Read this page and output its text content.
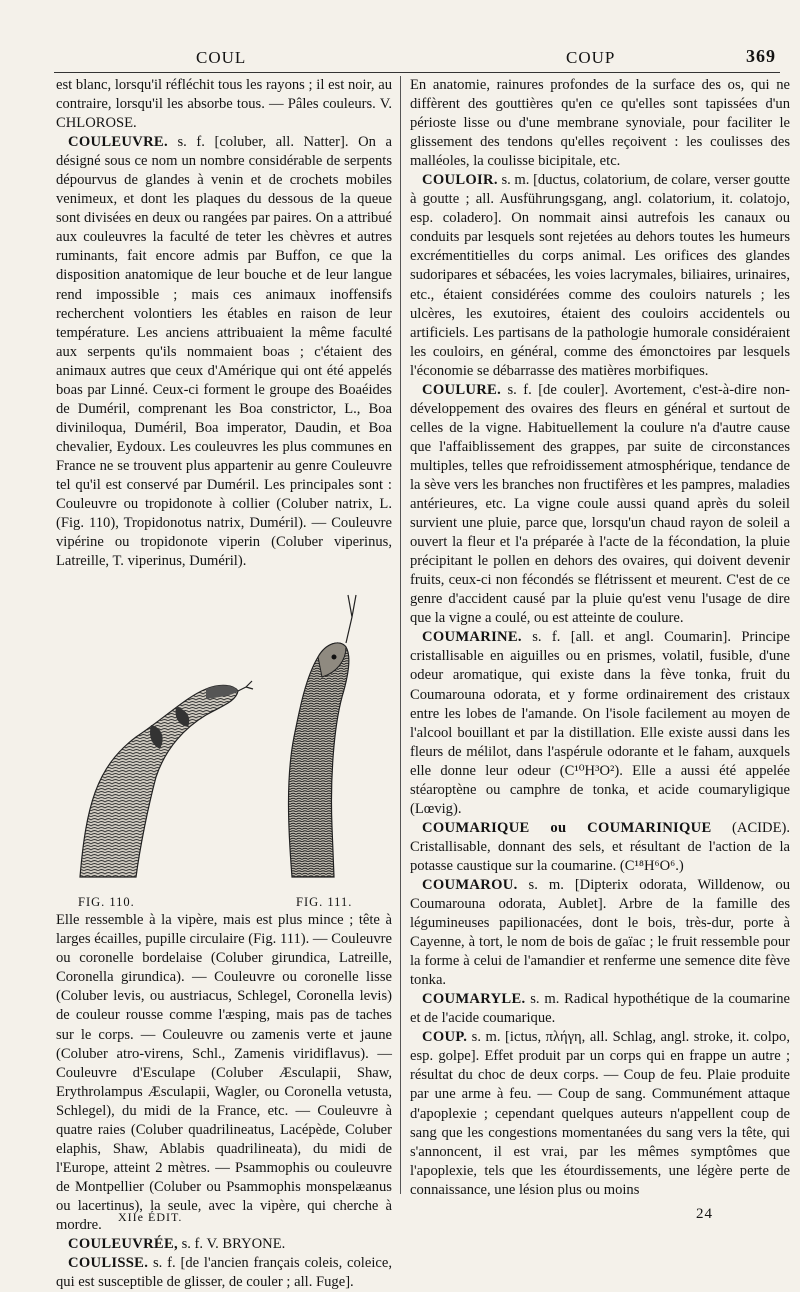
COUL	COUP	369

est blanc, lorsqu'il réfléchit tous les rayons ; il est noir, au contraire, lorsqu'il les absorbe tous. — Pâles couleurs. V. CHLOROSE.

COULEUVRE. s. f. [coluber, all. Natter]. On a désigné sous ce nom un nombre considérable de serpents dépourvus de glandes à venin et de crochets mobiles venimeux, et dont les plaques du dessous de la queue sont divisées en deux ou rangées par paires. On a attribué aux couleuvres la faculté de teter les chèvres et autres ruminants, fait encore admis par Buffon, ce que la disposition anatomique de leur bouche et de leur langue rend impossible ; mais ces animaux inoffensifs recherchent volontiers les étables en raison de leur température. Les anciens attribuaient la même faculté aux serpents qu'ils nommaient boas ; c'étaient des animaux autres que ceux d'Amérique qui ont été appelés boas par Linné. Ceux-ci forment le groupe des Boaéides de Duméril, comprenant les Boa constrictor, L., Boa diviniloqua, Duméril, Boa imperator, Daudin, et Boa chevalier, Eydoux. Les couleuvres les plus communes en France ne se trouvent plus appartenir au genre Couleuvre tel qu'il est conservé par Duméril. Les principales sont : Couleuvre ou tropidonote à collier (Coluber natrix, L. (Fig. 110), Tropidonotus natrix, Duméril). — Couleuvre vipérine ou tropidonote viperin (Coluber viperinus, Latreille, T. viperinus, Duméril).

FIG. 110.	FIG. 111.

Elle ressemble à la vipère, mais est plus mince ; tête à larges écailles, pupille circulaire (Fig. 111). — Couleuvre ou coronelle bordelaise (Coluber girundica, Latreille, Coronella girundica). — Couleuvre ou coronelle lisse (Coluber levis, ou austriacus, Schlegel, Coronella levis) de couleur rousse comme l'æsping, mais pas de taches sur le corps. — Couleuvre ou zamenis verte et jaune (Coluber atro-virens, Schl., Zamenis viridiflavus). — Couleuvre d'Esculape (Coluber Æsculapii, Shaw, Erythrolampus Æsculapii, Wagler, ou Coronella vetusta, Schlegel), du midi de la France, etc. — Couleuvre à quatre raies (Coluber quadrilineatus, Lacépède, Coluber elaphis, Shaw, Ablabis quadrilineata), du midi de l'Europe, atteint 2 mètres. — Psammophis ou couleuvre de Montpellier (Coluber ou Psammophis monspelæanus ou lacertinus), la seule, avec la vipère, qui cherche à mordre.

COULEUVRÉE, s. f. V. BRYONE.

COULISSE. s. f. [de l'ancien français coleis, coleice, qui est susceptible de glisser, de couler ; all. Fuge].

En anatomie, rainures profondes de la surface des os, qui ne diffèrent des gouttières qu'en ce qu'elles sont tapissées d'un périoste lisse ou d'une membrane synoviale, pour faciliter le glissement des tendons qu'elles reçoivent : les coulisses des malléoles, la coulisse bicipitale, etc.

COULOIR. s. m. [ductus, colatorium, de colare, verser goutte à goutte ; all. Ausführungsgang, angl. colatorium, it. colatojo, esp. coladero]. On nommait ainsi autrefois les canaux ou conduits par lesquels sont rejetées au dehors toutes les humeurs excrémentitielles du corps animal. Les orifices des glandes sudoripares et sébacées, les voies lacrymales, biliaires, urinaires, etc., étaient considérées comme des couloirs naturels ; les ulcères, les exutoires, étaient des couloirs accidentels ou artificiels. Les partisans de la pathologie humorale considéraient les couloirs, en général, comme des émonctoires par lesquels l'économie se débarrasse des matières morbifiques.

COULURE. s. f. [de couler]. Avortement, c'est-à-dire non-développement des ovaires des fleurs en général et surtout de celles de la vigne. Habituellement la coulure n'a d'autre cause que l'affaiblissement des grappes, par suite de circonstances multiples, telles que refroidissement atmosphérique, tendance de la sève vers les branches non fructifères et les pampres, maladies antérieures, etc. La vigne coule aussi quand après du soleil survient une pluie, parce que, lorsqu'un chaud rayon de soleil a ouvert la fleur et l'a préparée à l'acte de la fécondation, la pluie précipitant le pollen en dehors des ovaires, qui doivent devenir fruits, ceux-ci non fécondés se flétrissent et meurent. C'est de ce genre d'accident causé par la pluie qu'est venu l'usage de dire que la vigne a coulé, ou est atteinte de coulure.

COUMARINE. s. f. [all. et angl. Coumarin]. Principe cristallisable en aiguilles ou en prismes, volatil, fusible, d'une odeur aromatique, qui existe dans la fève tonka, fruit du Coumarouna odorata, et y forme ordinairement des cristaux entre les lobes de l'amande. On l'isole facilement au moyen de l'alcool bouillant et par la distillation. Elle existe aussi dans les fleurs de mélilot, dans l'aspérule odorante et le faham, auxquels elle donne leur odeur (C¹⁰H³O²). Elle a aussi été appelée stéaroptène ou camphre de tonka, et acide coumaryligique (Lœvig).

COUMARIQUE ou COUMARINIQUE (ACIDE). Cristallisable, donnant des sels, et résultant de l'action de la potasse caustique sur la coumarine. (C¹⁸H⁶O⁶.)

COUMAROU. s. m. [Dipterix odorata, Willdenow, ou Coumarouna odorata, Aublet]. Arbre de la famille des légumineuses papilionacées, dont le bois, très-dur, porte à Cayenne, à tort, le nom de bois de gaïac ; le fruit ressemble pour la forme à celui de l'amandier et renferme une semence dite fève tonka.

COUMARYLE. s. m. Radical hypothétique de la coumarine et de l'acide coumarique.

COUP. s. m. [ictus, πλήγη, all. Schlag, angl. stroke, it. colpo, esp. golpe]. Effet produit par un corps qui en frappe un autre ; résultat du choc de deux corps. — Coup de feu. Plaie produite par une arme à feu. — Coup de sang. Communément attaque d'apoplexie ; cependant quelques auteurs n'appellent coup de sang que les congestions momentanées du sang vers la tête, qui s'annoncent, il est vrai, par les mêmes symptômes que l'apoplexie, tels que les étourdissements, une légère perte de connaissance, une lésion plus ou moins

XIIe ÉDIT.	24
